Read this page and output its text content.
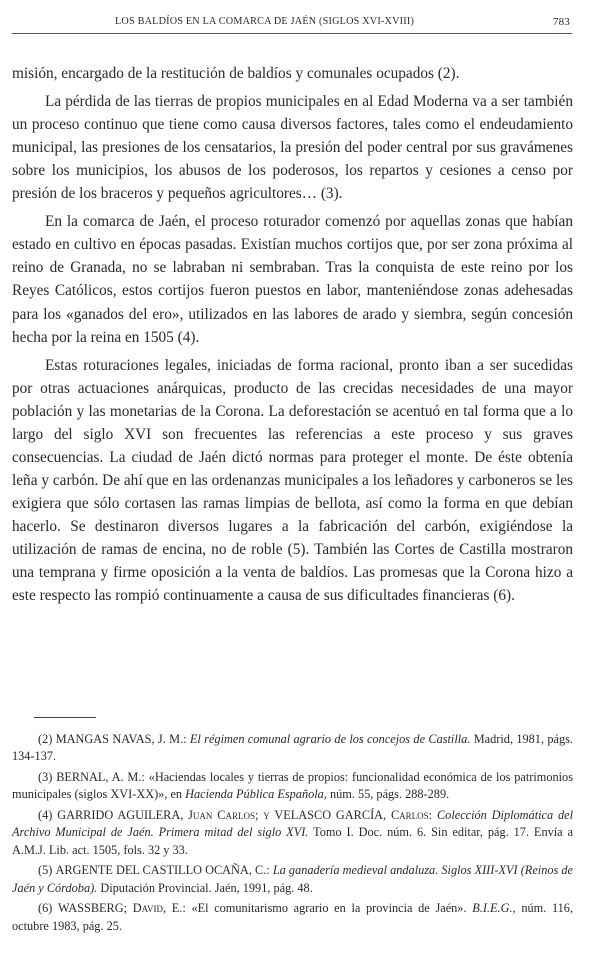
LOS BALDÍOS EN LA COMARCA DE JAÉN (SIGLOS XVI-XVIII)	783

misión, encargado de la restitución de baldíos y comunales ocupados (2).

La pérdida de las tierras de propios municipales en al Edad Moderna va a ser también un proceso continuo que tiene como causa diversos factores, tales como el endeudamiento municipal, las presiones de los censatarios, la presión del poder central por sus gravámenes sobre los municipios, los abusos de los poderosos, los repartos y cesiones a censo por presión de los braceros y pequeños agricultores… (3).

En la comarca de Jaén, el proceso roturador comenzó por aquellas zonas que habían estado en cultivo en épocas pasadas. Existían muchos cortijos que, por ser zona próxima al reino de Granada, no se labraban ni sembraban. Tras la conquista de este reino por los Reyes Católicos, estos cortijos fueron puestos en labor, manteniéndose zonas adehesadas para los «ganados del ero», utilizados en las labores de arado y siembra, según concesión hecha por la reina en 1505 (4).

Estas roturaciones legales, iniciadas de forma racional, pronto iban a ser sucedidas por otras actuaciones anárquicas, producto de las crecidas necesidades de una mayor población y las monetarias de la Corona. La deforestación se acentuó en tal forma que a lo largo del siglo XVI son frecuentes las referencias a este proceso y sus graves consecuencias. La ciudad de Jaén dictó normas para proteger el monte. De éste obtenía leña y carbón. De ahí que en las ordenanzas municipales a los leñadores y carboneros se les exigiera que sólo cortasen las ramas limpias de bellota, así como la forma en que debían hacerlo. Se destinaron diversos lugares a la fabricación del carbón, exigiéndose la utilización de ramas de encina, no de roble (5). También las Cortes de Castilla mostraron una temprana y firme oposición a la venta de baldíos. Las promesas que la Corona hizo a este respecto las rompió continuamente a causa de sus dificultades financieras (6).

(2) MANGAS NAVAS, J. M.: El régimen comunal agrario de los concejos de Castilla. Madrid, 1981, págs. 134-137.

(3) BERNAL, A. M.: «Haciendas locales y tierras de propios: funcionalidad económica de los patrimonios municipales (siglos XVI-XX)», en Hacienda Pública Española, núm. 55, págs. 288-289.

(4) GARRIDO AGUILERA, Juan Carlos; y VELASCO GARCÍA, Carlos: Colección Diplomática del Archivo Municipal de Jaén. Primera mitad del siglo XVI. Tomo I. Doc. núm. 6. Sin editar, pág. 17. Envía a A.M.J. Lib. act. 1505, fols. 32 y 33.

(5) ARGENTE DEL CASTILLO OCAÑA, C.: La ganadería medieval andaluza. Siglos XIII-XVI (Reinos de Jaén y Córdoba). Diputación Provincial. Jaén, 1991, pág. 48.

(6) WASSBERG; David, E.: «El comunitarismo agrario en la provincia de Jaén». B.I.E.G., núm. 116, octubre 1983, pág. 25.
